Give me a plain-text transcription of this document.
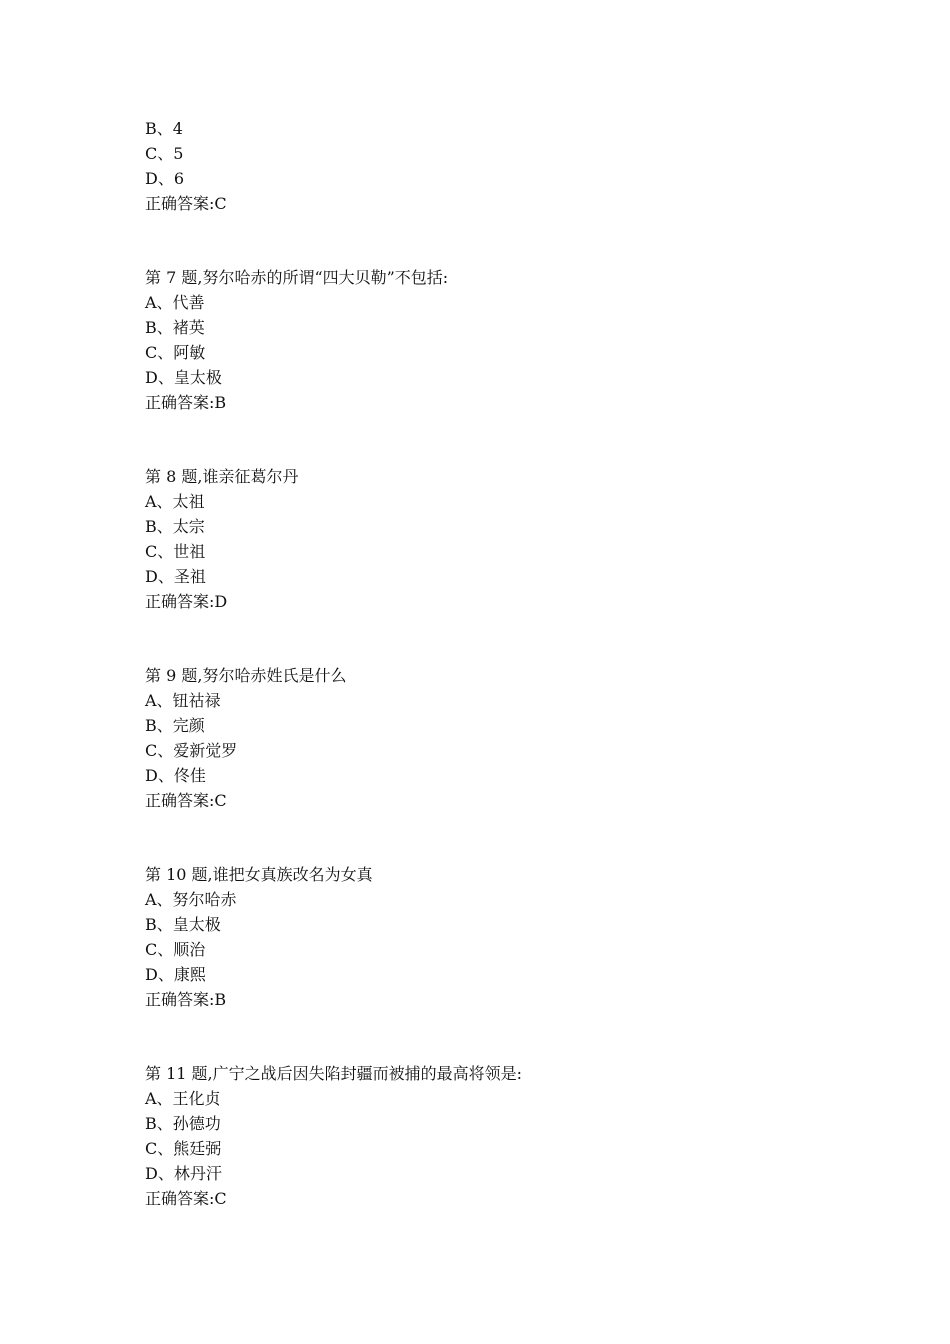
B、4
C、5
D、6
正确答案:C
第 7 题,努尔哈赤的所谓“四大贝勒”不包括:
A、代善
B、褚英
C、阿敏
D、皇太极
正确答案:B
第 8 题,谁亲征葛尔丹
A、太祖
B、太宗
C、世祖
D、圣祖
正确答案:D
第 9 题,努尔哈赤姓氏是什么
A、钮祜禄
B、完颜
C、爱新觉罗
D、佟佳
正确答案:C
第 10 题,谁把女真族改名为女真
A、努尔哈赤
B、皇太极
C、顺治
D、康熙
正确答案:B
第 11 题,广宁之战后因失陷封疆而被捕的最高将领是:
A、王化贞
B、孙德功
C、熊廷弼
D、林丹汗
正确答案:C
